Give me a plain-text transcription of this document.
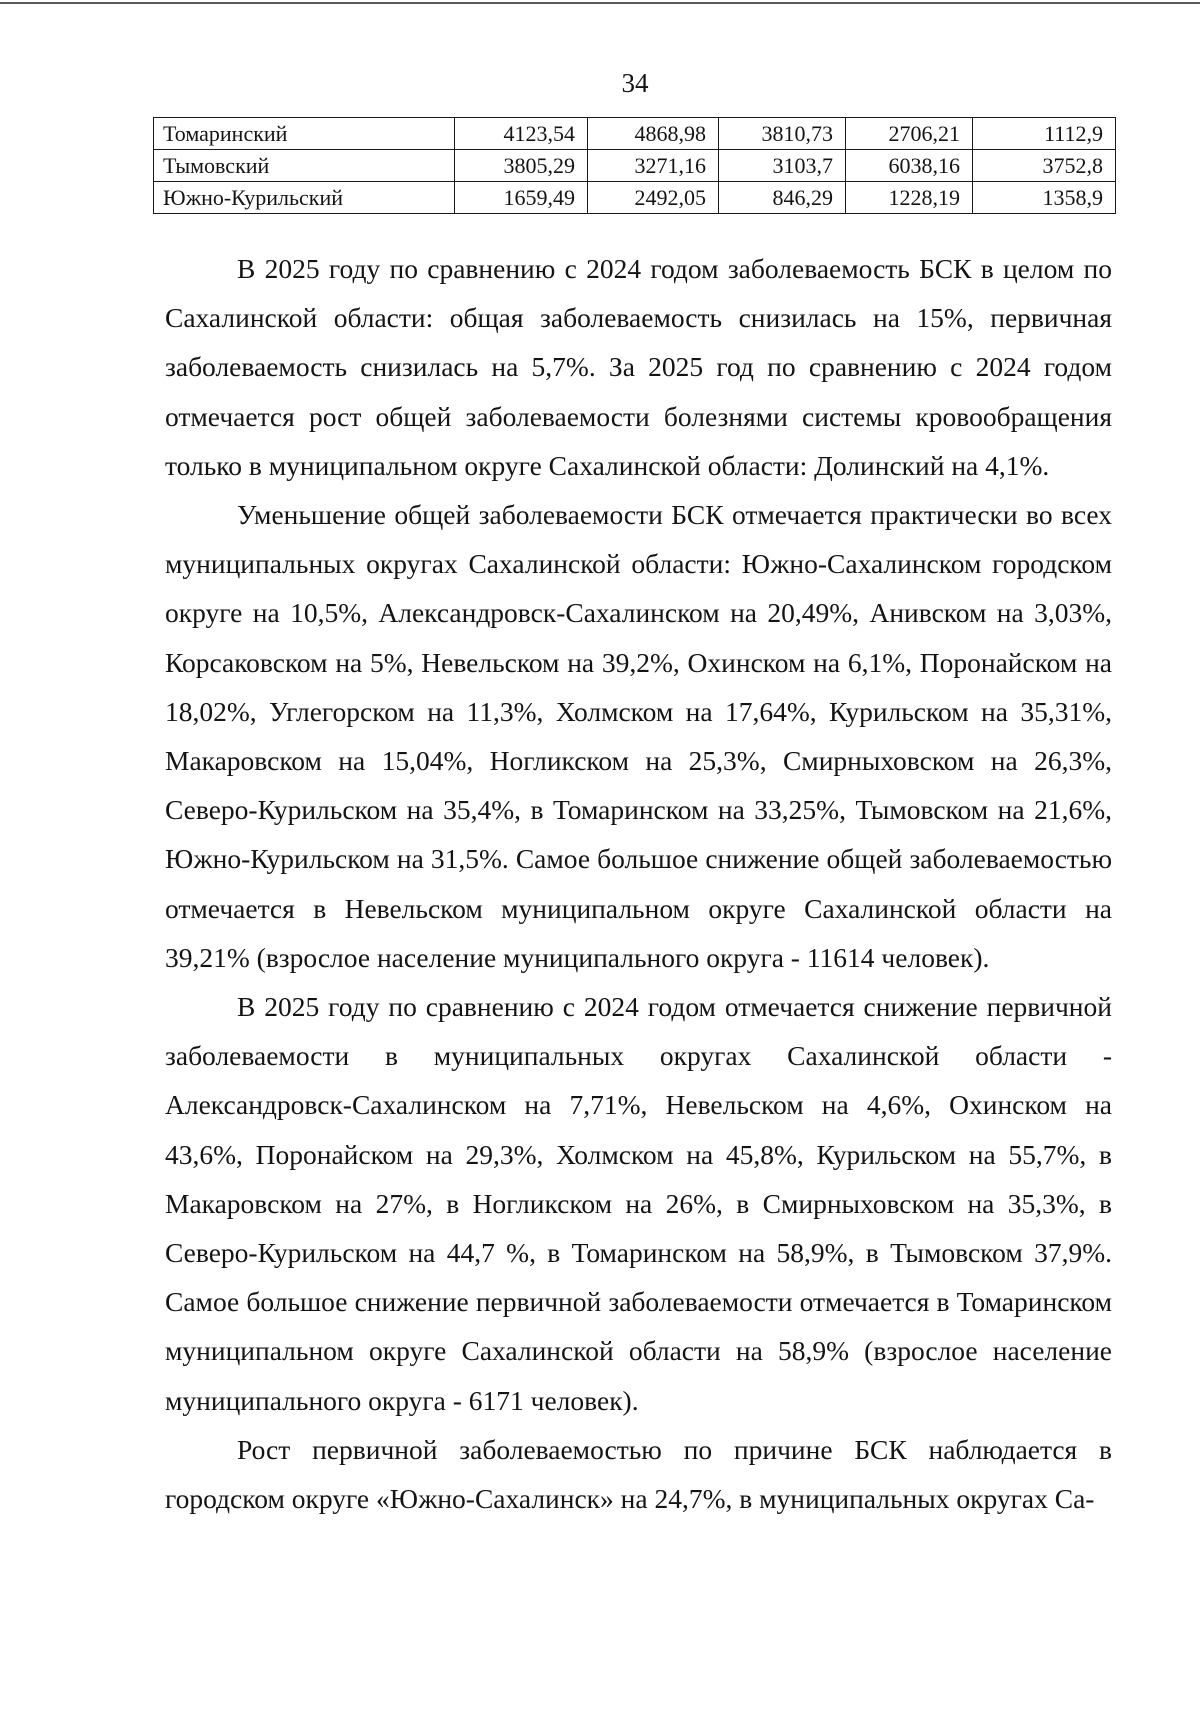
34
Томаринский	4123,54	4868,98	3810,73	2706,21	1112,9
Тымовский	3805,29	3271,16	3103,7	6038,16	3752,8
Южно-Курильский	1659,49	2492,05	846,29	1228,19	1358,9

В 2025 году по сравнению с 2024 годом заболеваемость БСК в целом по Сахалинской области: общая заболеваемость снизилась на 15%, первичная заболеваемость снизилась на 5,7%. За 2025 год по сравнению с 2024 годом отмечается рост общей заболеваемости болезнями системы кровообращения только в муниципальном округе Сахалинской области: Долинский на 4,1%.

Уменьшение общей заболеваемости БСК отмечается практически во всех муниципальных округах Сахалинской области: Южно-Сахалинском городском округе на 10,5%, Александровск-Сахалинском на 20,49%, Анивском на 3,03%, Корсаковском на 5%, Невельском на 39,2%, Охинском на 6,1%, Поронайском на 18,02%, Углегорском на 11,3%, Холмском на 17,64%, Курильском на 35,31%, Макаровском на 15,04%, Ногликском на 25,3%, Смирныховском на 26,3%, Северо-Курильском на 35,4%, в Томаринском на 33,25%, Тымовском на 21,6%, Южно-Курильском на 31,5%. Самое большое снижение общей заболеваемостью отмечается в Невельском муниципальном округе Сахалинской области на 39,21% (взрослое население муниципального округа - 11614 человек).

В 2025 году по сравнению с 2024 годом отмечается снижение первичной заболеваемости в муниципальных округах Сахалинской области - Александровск-Сахалинском на 7,71%, Невельском на 4,6%, Охинском на 43,6%, Поронайском на 29,3%, Холмском на 45,8%, Курильском на 55,7%, в Макаровском на 27%, в Ногликском на 26%, в Смирныховском на 35,3%, в Северо-Курильском на 44,7 %, в Томаринском на 58,9%, в Тымовском 37,9%. Самое большое снижение первичной заболеваемости отмечается в Томаринском муниципальном округе Сахалинской области на 58,9% (взрослое население муниципального округа - 6171 человек).

Рост первичной заболеваемостью по причине БСК наблюдается в городском округе «Южно-Сахалинск» на 24,7%, в муниципальных округах Са-
